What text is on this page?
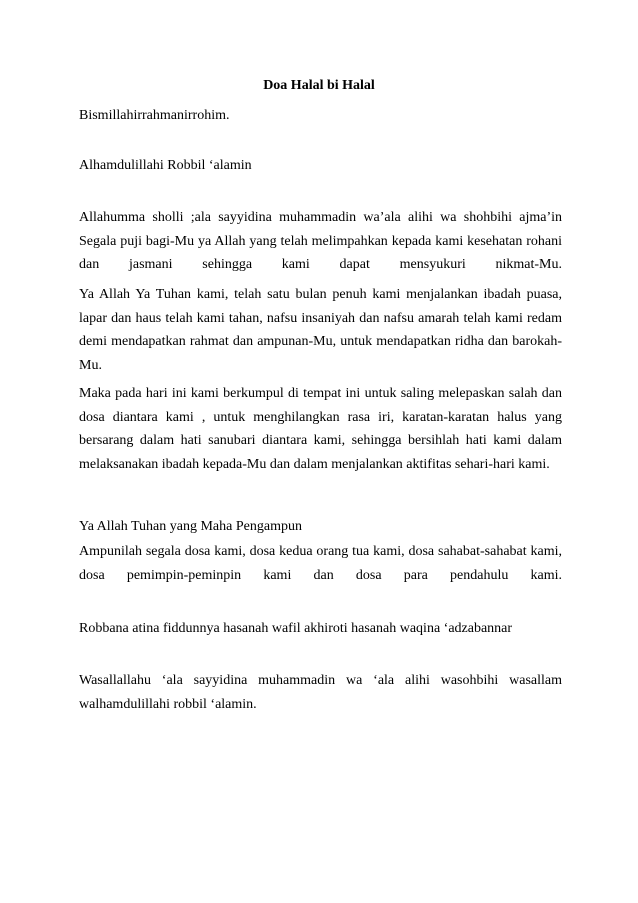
Doa Halal bi Halal

Bismillahirrahmanirrohim.

Alhamdulillahi Robbil ‘alamin

Allahumma sholli ;ala sayyidina muhammadin wa’ala alihi wa shohbihi ajma’in Segala puji bagi-Mu ya Allah yang telah melimpahkan kepada kami kesehatan rohani dan jasmani sehingga kami dapat mensyukuri nikmat-Mu.

Ya Allah Ya Tuhan kami, telah satu bulan penuh kami menjalankan ibadah puasa, lapar dan haus telah kami tahan, nafsu insaniyah dan nafsu amarah telah kami redam demi mendapatkan rahmat dan ampunan-Mu, untuk mendapatkan ridha dan barokah-Mu.

Maka pada hari ini kami berkumpul di tempat ini untuk saling melepaskan salah dan dosa diantara kami , untuk menghilangkan rasa iri, karatan-karatan halus yang bersarang dalam hati sanubari diantara kami, sehingga bersihlah hati kami dalam melaksanakan ibadah kepada-Mu dan dalam menjalankan aktifitas sehari-hari kami.

Ya Allah Tuhan yang Maha Pengampun

Ampunilah segala dosa kami, dosa kedua orang tua kami, dosa sahabat-sahabat kami, dosa pemimpin-peminpin kami dan dosa para pendahulu kami.

Robbana atina fiddunnya hasanah wafil akhiroti hasanah waqina ‘adzabannar

Wasallallahu ‘ala sayyidina muhammadin wa ‘ala alihi wasohbihi wasallam walhamdulillahi robbil ‘alamin.
